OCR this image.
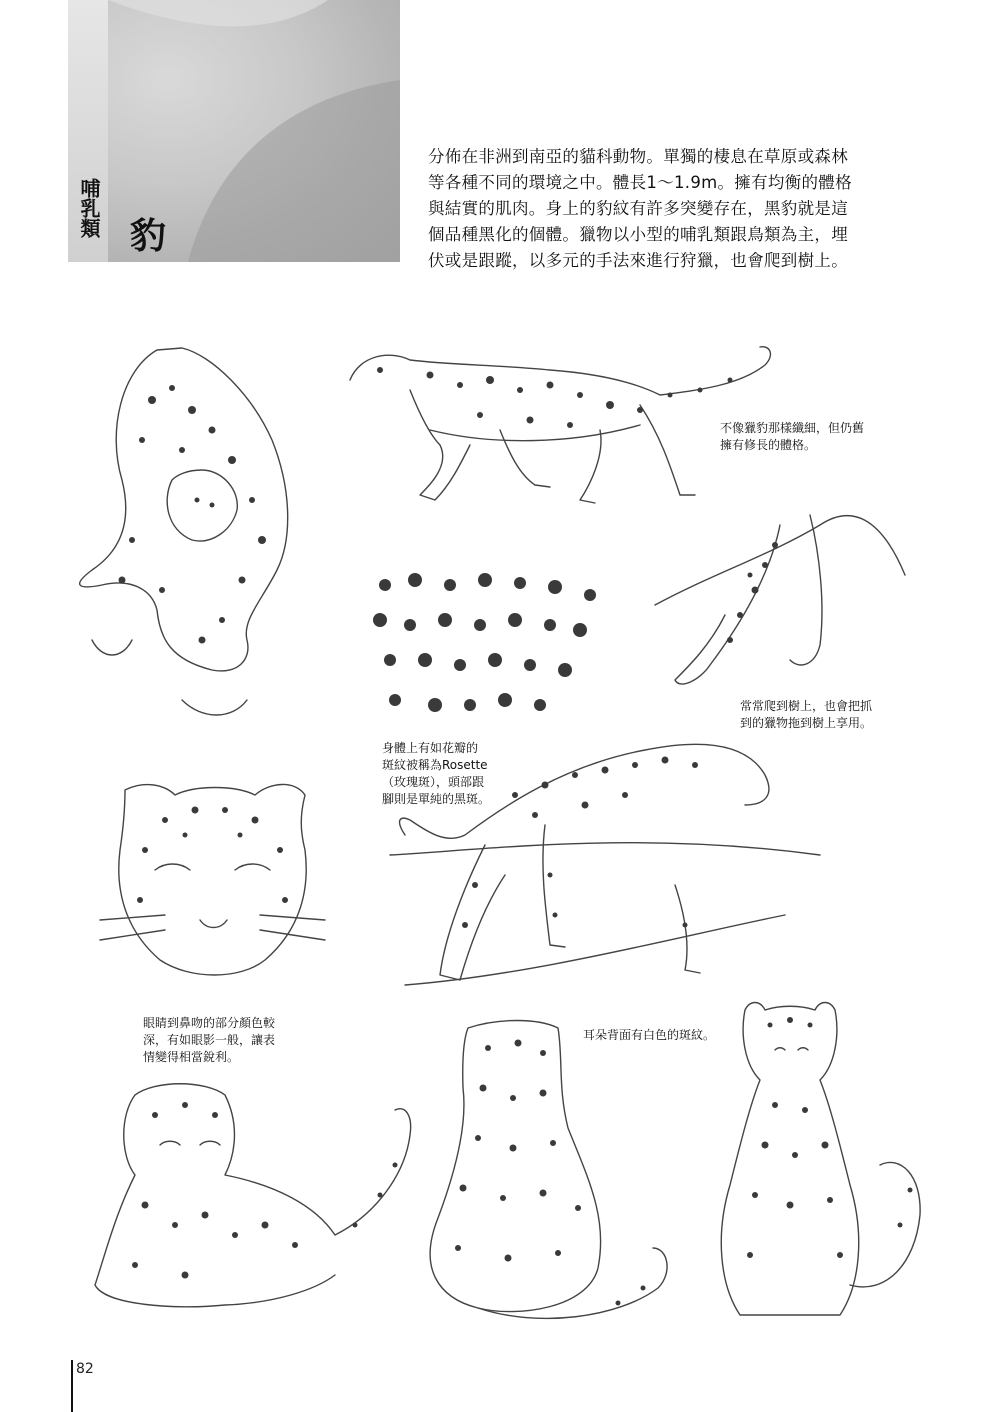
哺乳類 豹
分佈在非洲到南亞的貓科動物。單獨的棲息在草原或森林
等各種不同的環境之中。體長1～1.9m。擁有均衡的體格
與結實的肌肉。身上的豹紋有許多突變存在，黑豹就是這
個品種黑化的個體。獵物以小型的哺乳類跟鳥類為主，埋
伏或是跟蹤，以多元的手法來進行狩獵，也會爬到樹上。
不像獵豹那樣纖細，但仍舊
擁有修長的體格。
身體上有如花瓣的
斑紋被稱為Rosette
（玫瑰斑），頭部跟
腳則是單純的黑斑。
常常爬到樹上，也會把抓
到的獵物拖到樹上享用。
眼睛到鼻吻的部分顏色較
深，有如眼影一般，讓表
情變得相當銳利。
耳朵背面有白色的斑紋。
82
